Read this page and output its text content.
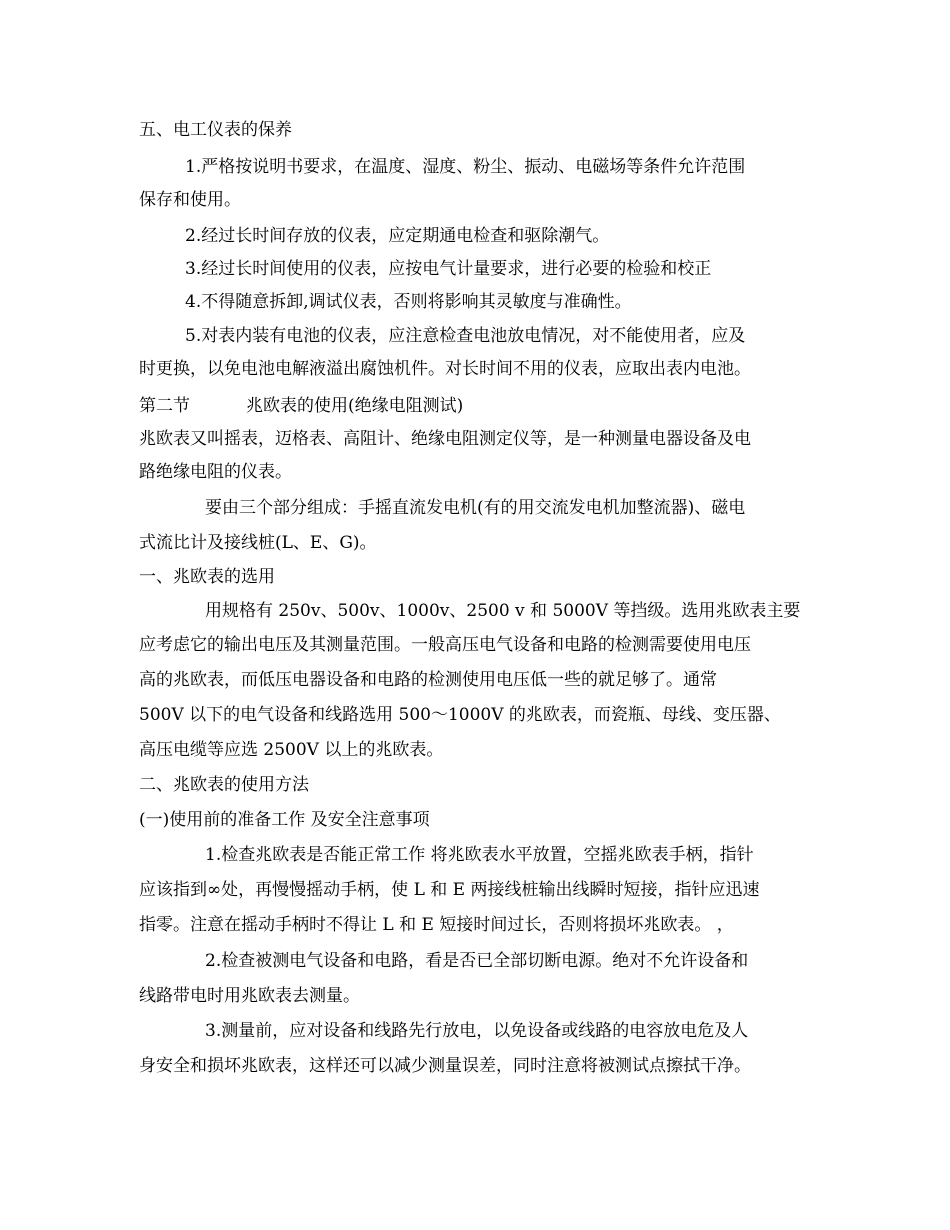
五、电工仪表的保养
1.严格按说明书要求，在温度、湿度、粉尘、振动、电磁场等条件允许范围
保存和使用。
2.经过长时间存放的仪表，应定期通电检查和驱除潮气。
3.经过长时间使用的仪表，应按电气计量要求，进行必要的检验和校正
4.不得随意拆卸,调试仪表，否则将影响其灵敏度与准确性。
5.对表内装有电池的仪表，应注意检查电池放电情况，对不能使用者，应及
时更换，以免电池电解液溢出腐蚀机件。对长时间不用的仪表，应取出表内电池。
第二节	兆欧表的使用(绝缘电阻测试)
兆欧表又叫摇表，迈格表、高阻计、绝缘电阻测定仪等，是一种测量电器设备及电
路绝缘电阻的仪表。
要由三个部分组成：手摇直流发电机(有的用交流发电机加整流器)、磁电
式流比计及接线桩(L、E、G)。
一、兆欧表的选用
用规格有 250v、500v、1000v、2500 v 和 5000V 等挡级。选用兆欧表主要
应考虑它的输出电压及其测量范围。一般高压电气设备和电路的检测需要使用电压
高的兆欧表，而低压电器设备和电路的检测使用电压低一些的就足够了。通常
500V 以下的电气设备和线路选用 500～1000V 的兆欧表，而瓷瓶、母线、变压器、
高压电缆等应选 2500V 以上的兆欧表。
二、兆欧表的使用方法
(一)使用前的准备工作 及安全注意事项
1.检查兆欧表是否能正常工作 将兆欧表水平放置，空摇兆欧表手柄，指针
应该指到∞处，再慢慢摇动手柄，使 L 和 E 两接线桩输出线瞬时短接，指针应迅速
指零。注意在摇动手柄时不得让 L 和 E 短接时间过长，否则将损坏兆欧表。 ，
2.检查被测电气设备和电路，看是否已全部切断电源。绝对不允许设备和
线路带电时用兆欧表去测量。
3.测量前，应对设备和线路先行放电，以免设备或线路的电容放电危及人
身安全和损坏兆欧表，这样还可以减少测量误差，同时注意将被测试点擦拭干净。
